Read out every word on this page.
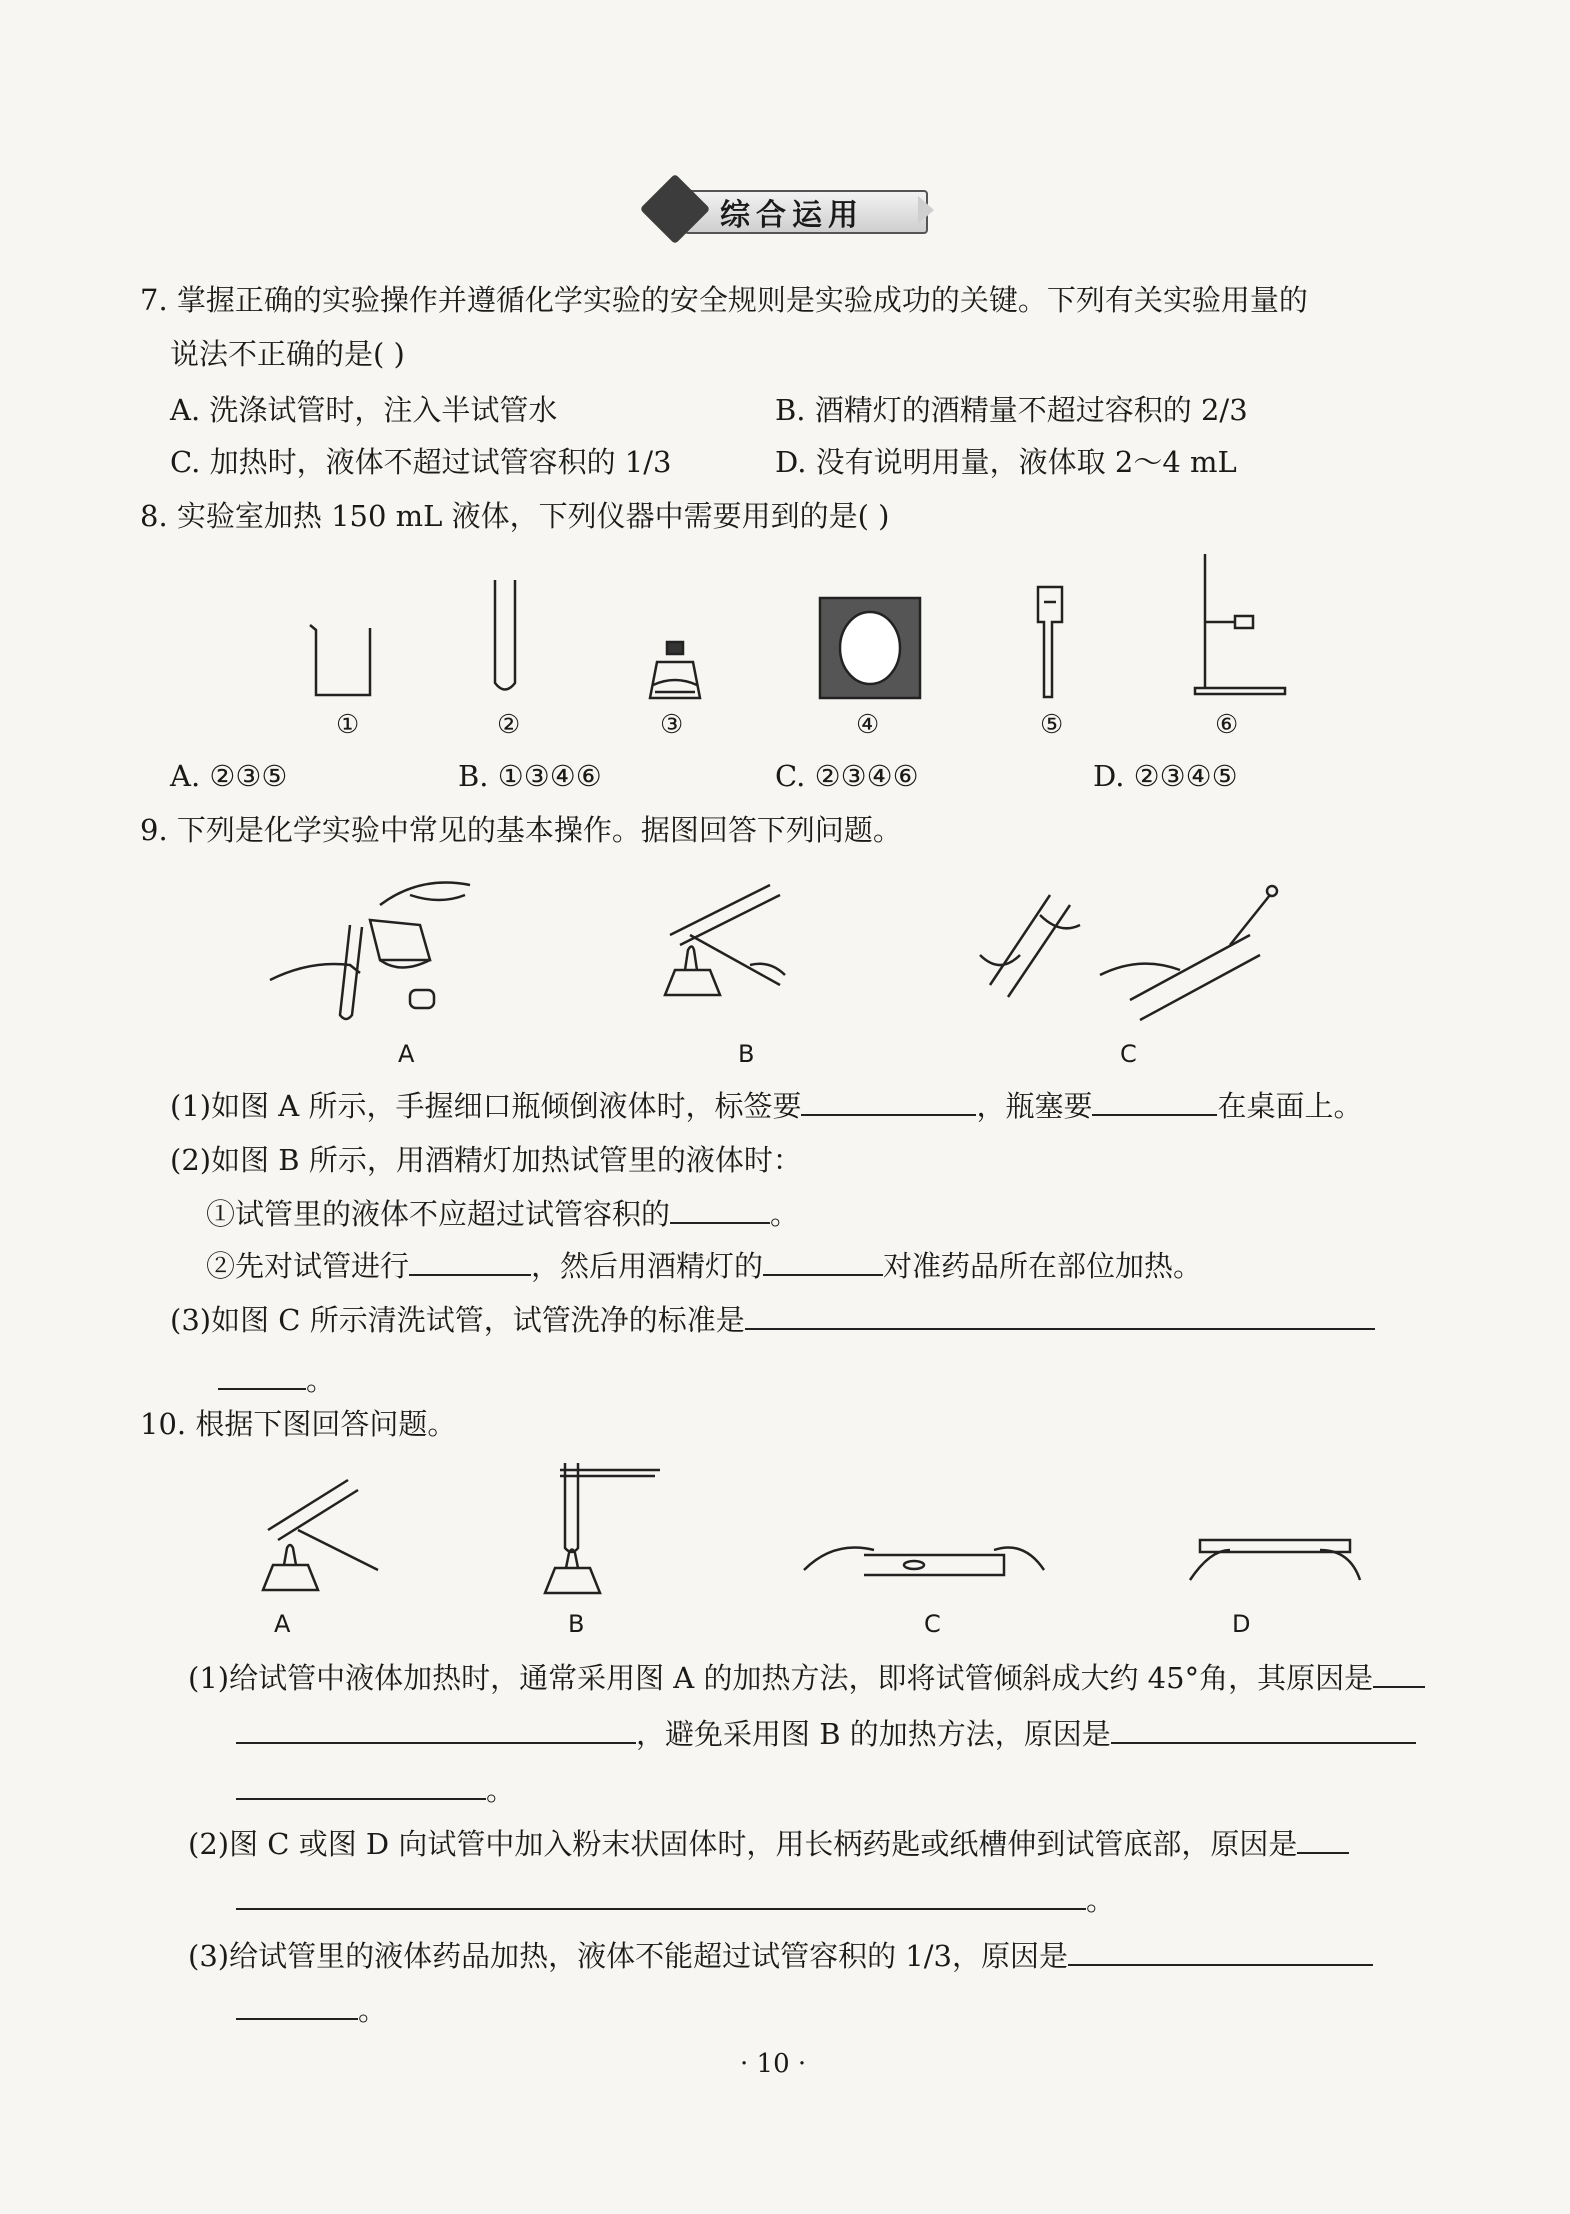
综合运用
7. 掌握正确的实验操作并遵循化学实验的安全规则是实验成功的关键。下列有关实验用量的
说法不正确的是( )
A. 洗涤试管时，注入半试管水	B. 酒精灯的酒精量不超过容积的 2/3
C. 加热时，液体不超过试管容积的 1/3	D. 没有说明用量，液体取 2～4 mL
8. 实验室加热 150 mL 液体，下列仪器中需要用到的是( )
①	②	③	④	⑤	⑥
A. ②③⑤	B. ①③④⑥	C. ②③④⑥	D. ②③④⑤
9. 下列是化学实验中常见的基本操作。据图回答下列问题。
A	B	C
(1)如图 A 所示，手握细口瓶倾倒液体时，标签要	，瓶塞要	在桌面上。
(2)如图 B 所示，用酒精灯加热试管里的液体时：
①试管里的液体不应超过试管容积的	。
②先对试管进行	，然后用酒精灯的	对准药品所在部位加热。
(3)如图 C 所示清洗试管，试管洗净的标准是
。
10. 根据下图回答问题。
A	B	C	D
(1)给试管中液体加热时，通常采用图 A 的加热方法，即将试管倾斜成大约 45°角，其原因是
，避免采用图 B 的加热方法，原因是
。
(2)图 C 或图 D 向试管中加入粉末状固体时，用长柄药匙或纸槽伸到试管底部，原因是
。
(3)给试管里的液体药品加热，液体不能超过试管容积的 1/3，原因是
。
· 10 ·
